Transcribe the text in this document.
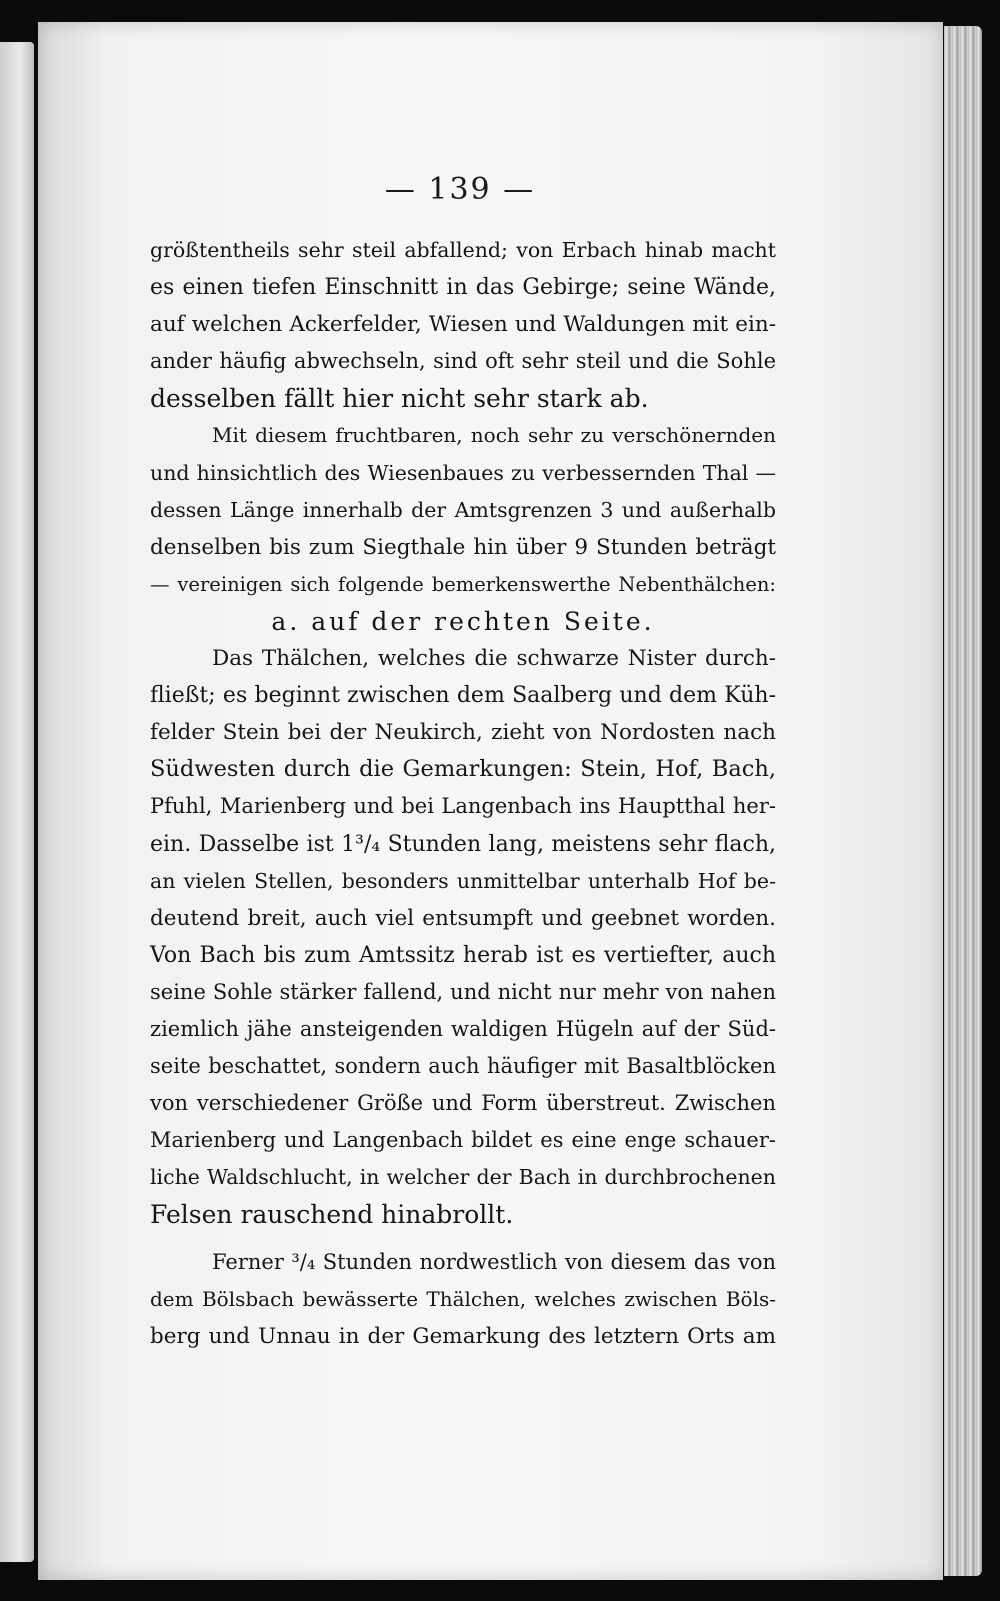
— 139 —
größtentheils sehr steil abfallend; von Erbach hinab macht
es einen tiefen Einschnitt in das Gebirge; seine Wände,
auf welchen Ackerfelder, Wiesen und Waldungen mit ein-
ander häufig abwechseln, sind oft sehr steil und die Sohle
desselben fällt hier nicht sehr stark ab.
Mit diesem fruchtbaren, noch sehr zu verschönernden
und hinsichtlich des Wiesenbaues zu verbessernden Thal —
dessen Länge innerhalb der Amtsgrenzen 3 und außerhalb
denselben bis zum Siegthale hin über 9 Stunden beträgt
— vereinigen sich folgende bemerkenswerthe Nebenthälchen:
a. auf der rechten Seite.
Das Thälchen, welches die schwarze Nister durch-
fließt; es beginnt zwischen dem Saalberg und dem Küh-
felder Stein bei der Neukirch, zieht von Nordosten nach
Südwesten durch die Gemarkungen: Stein, Hof, Bach,
Pfuhl, Marienberg und bei Langenbach ins Hauptthal her-
ein. Dasselbe ist 1³/₄ Stunden lang, meistens sehr flach,
an vielen Stellen, besonders unmittelbar unterhalb Hof be-
deutend breit, auch viel entsumpft und geebnet worden.
Von Bach bis zum Amtssitz herab ist es vertiefter, auch
seine Sohle stärker fallend, und nicht nur mehr von nahen
ziemlich jähe ansteigenden waldigen Hügeln auf der Süd-
seite beschattet, sondern auch häufiger mit Basaltblöcken
von verschiedener Größe und Form überstreut. Zwischen
Marienberg und Langenbach bildet es eine enge schauer-
liche Waldschlucht, in welcher der Bach in durchbrochenen
Felsen rauschend hinabrollt.
Ferner ³/₄ Stunden nordwestlich von diesem das von
dem Bölsbach bewässerte Thälchen, welches zwischen Böls-
berg und Unnau in der Gemarkung des letztern Orts am
